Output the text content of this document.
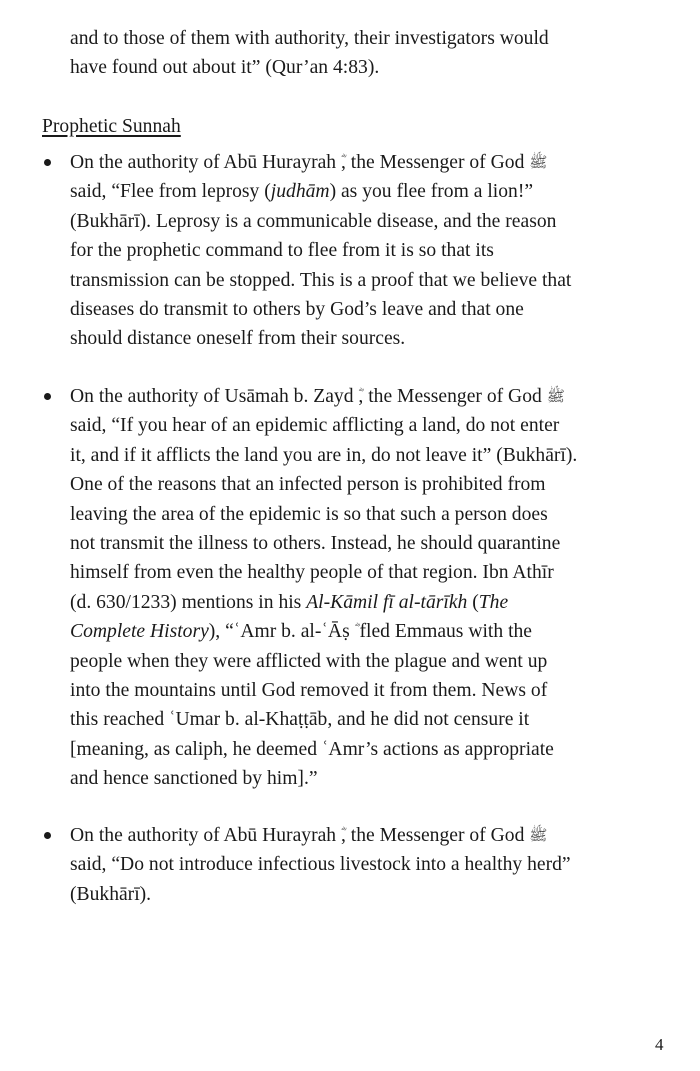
and to those of them with authority, their investigators would
have found out about it” (Qur’an 4:83).
Prophetic Sunnah
On the authority of Abū Hurayrah , the Messenger of God ﷺ
said, “Flee from leprosy (judhām) as you flee from a lion!”
(Bukhārī). Leprosy is a communicable disease, and the reason
for the prophetic command to flee from it is so that its
transmission can be stopped. This is a proof that we believe that
diseases do transmit to others by God’s leave and that one
should distance oneself from their sources.
On the authority of Usāmah b. Zayd , the Messenger of God ﷺ
said, “If you hear of an epidemic afflicting a land, do not enter
it, and if it afflicts the land you are in, do not leave it” (Bukhārī).
One of the reasons that an infected person is prohibited from
leaving the area of the epidemic is so that such a person does
not transmit the illness to others. Instead, he should quarantine
himself from even the healthy people of that region. Ibn Athīr
(d. 630/1233) mentions in his Al-Kāmil fī al-tārīkh (The
Complete History), “ʿAmr b. al-ʿĀṣ  fled Emmaus with the
people when they were afflicted with the plague and went up
into the mountains until God removed it from them. News of
this reached ʿUmar b. al-Khaṭṭāb, and he did not censure it
[meaning, as caliph, he deemed ʿAmr’s actions as appropriate
and hence sanctioned by him].”
On the authority of Abū Hurayrah , the Messenger of God ﷺ
said, “Do not introduce infectious livestock into a healthy herd”
(Bukhārī).
4
